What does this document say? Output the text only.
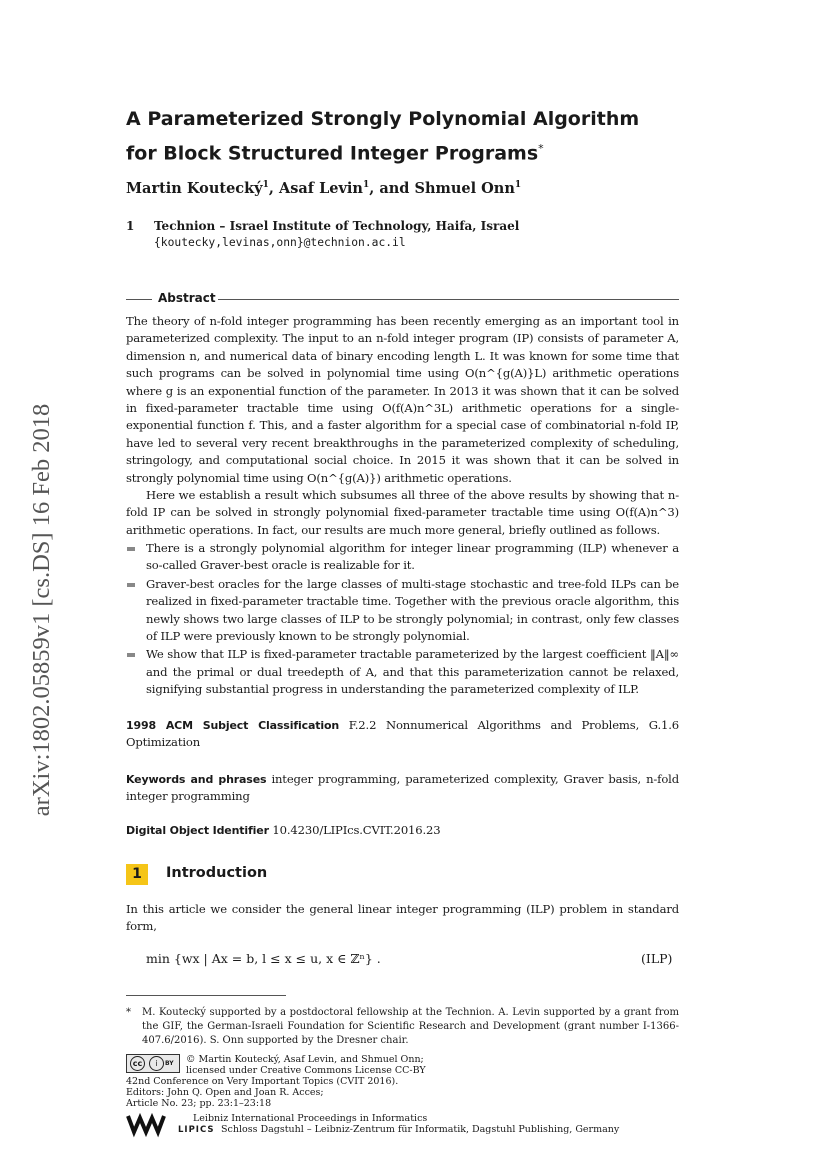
arXiv:1802.05859v1 [cs.DS] 16 Feb 2018
A Parameterized Strongly Polynomial Algorithm
for Block Structured Integer Programs*
Martin Koutecký$^1$, Asaf Levin$^1$, and Shmuel Onn$^1$
1 Technion – Israel Institute of Technology, Haifa, Israel
{koutecky,levinas,onn}@technion.ac.il
Abstract

The theory of n-fold integer programming has been recently emerging as an important tool in parameterized complexity. The input to an n-fold integer program (IP) consists of parameter A, dimension n, and numerical data of binary encoding length L. It was known for some time that such programs can be solved in polynomial time using O(n^{g(A)}L) arithmetic operations where g is an exponential function of the parameter. In 2013 it was shown that it can be solved in fixed-parameter tractable time using O(f(A)n^3L) arithmetic operations for a single-exponential function f. This, and a faster algorithm for a special case of combinatorial n-fold IP, have led to several very recent breakthroughs in the parameterized complexity of scheduling, stringology, and computational social choice. In 2015 it was shown that it can be solved in strongly polynomial time using O(n^{g(A)}) arithmetic operations.

Here we establish a result which subsumes all three of the above results by showing that n-fold IP can be solved in strongly polynomial fixed-parameter tractable time using O(f(A)n^3) arithmetic operations. In fact, our results are much more general, briefly outlined as follows.

There is a strongly polynomial algorithm for integer linear programming (ILP) whenever a so-called Graver-best oracle is realizable for it.
Graver-best oracles for the large classes of multi-stage stochastic and tree-fold ILPs can be realized in fixed-parameter tractable time. Together with the previous oracle algorithm, this newly shows two large classes of ILP to be strongly polynomial; in contrast, only few classes of ILP were previously known to be strongly polynomial.
We show that ILP is fixed-parameter tractable parameterized by the largest coefficient ‖A‖∞ and the primal or dual treedepth of A, and that this parameterization cannot be relaxed, signifying substantial progress in understanding the parameterized complexity of ILP.
1998 ACM Subject Classification F.2.2 Nonnumerical Algorithms and Problems, G.1.6 Optimization
Keywords and phrases integer programming, parameterized complexity, Graver basis, n-fold integer programming
Digital Object Identifier 10.4230/LIPIcs.CVIT.2016.23
1	Introduction

In this article we consider the general linear integer programming (ILP) problem in standard form,

min {wx | Ax = b, l ≤ x ≤ u, x ∈ ℤⁿ} .	(ILP)
*	M. Koutecký supported by a postdoctoral fellowship at the Technion. A. Levin supported by a grant from the GIF, the German-Israeli Foundation for Scientific Research and Development (grant number I-1366-407.6/2016). S. Onn supported by the Dresner chair.
cc	i	BY © Martin Koutecký, Asaf Levin, and Shmuel Onn;
licensed under Creative Commons License CC-BY
42nd Conference on Very Important Topics (CVIT 2016).
Editors: John Q. Open and Joan R. Acces;
Article No. 23; pp. 23:1–23:18
LIPICS
Leibniz International Proceedings in Informatics
Schloss Dagstuhl – Leibniz-Zentrum für Informatik, Dagstuhl Publishing, Germany
